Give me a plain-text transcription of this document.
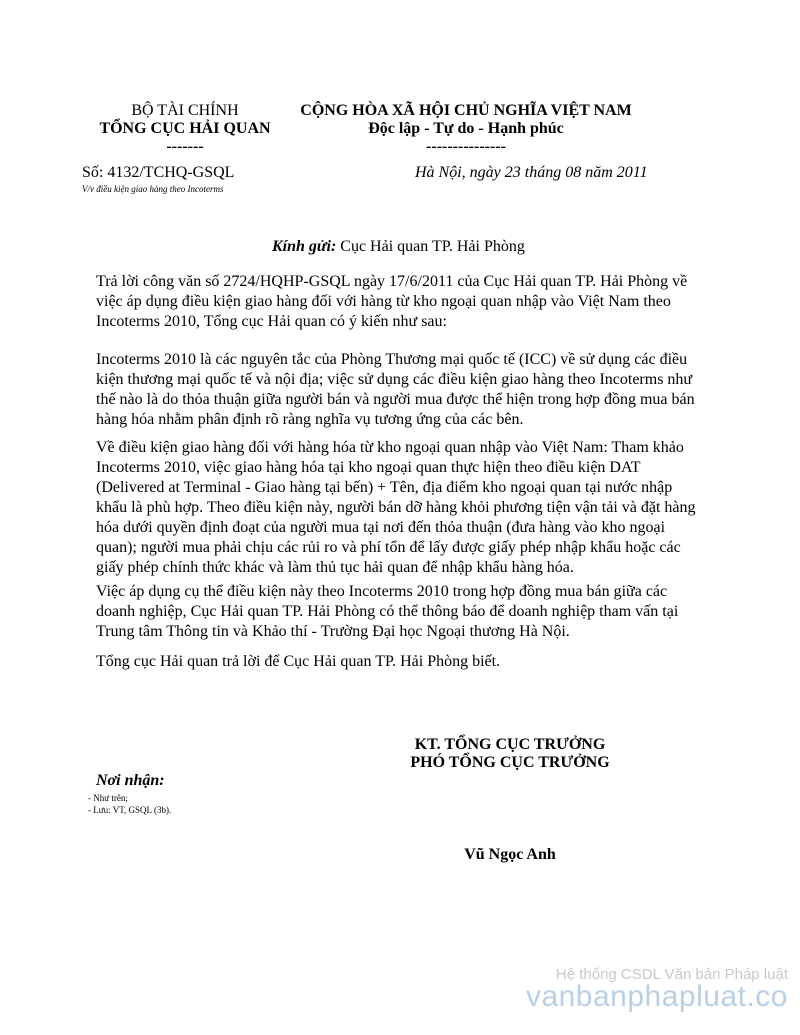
BỘ TÀI CHÍNH
TỔNG CỤC HẢI QUAN
-------
Số: 4132/TCHQ-GSQL
V/v điều kiện giao hàng theo Incoterms
CỘNG HÒA XÃ HỘI CHỦ NGHĨA VIỆT NAM
Độc lập - Tự do - Hạnh phúc
---------------
Hà Nội, ngày 23 tháng 08 năm 2011
Kính gửi: Cục Hải quan TP. Hải Phòng

Trả lời công văn số 2724/HQHP-GSQL ngày 17/6/2011 của Cục Hải quan TP. Hải Phòng về việc áp dụng điều kiện giao hàng đối với hàng từ kho ngoại quan nhập vào Việt Nam theo Incoterms 2010, Tổng cục Hải quan có ý kiến như sau:

Incoterms 2010 là các nguyên tắc của Phòng Thương mại quốc tế (ICC) về sử dụng các điều kiện thương mại quốc tế và nội địa; việc sử dụng các điều kiện giao hàng theo Incoterms như thế nào là do thỏa thuận giữa người bán và người mua được thể hiện trong hợp đồng mua bán hàng hóa nhằm phân định rõ ràng nghĩa vụ tương ứng của các bên.

Về điều kiện giao hàng đối với hàng hóa từ kho ngoại quan nhập vào Việt Nam: Tham khảo Incoterms 2010, việc giao hàng hóa tại kho ngoại quan thực hiện theo điều kiện DAT (Delivered at Terminal - Giao hàng tại bến) + Tên, địa điểm kho ngoại quan tại nước nhập khẩu là phù hợp. Theo điều kiện này, người bán dỡ hàng khỏi phương tiện vận tải và đặt hàng hóa dưới quyền định đoạt của người mua tại nơi đến thỏa thuận (đưa hàng vào kho ngoại quan); người mua phải chịu các rủi ro và phí tổn để lấy được giấy phép nhập khẩu hoặc các giấy phép chính thức khác và làm thủ tục hải quan để nhập khẩu hàng hóa.

Việc áp dụng cụ thể điều kiện này theo Incoterms 2010 trong hợp đồng mua bán giữa các doanh nghiệp, Cục Hải quan TP. Hải Phòng có thể thông báo để doanh nghiệp tham vấn tại Trung tâm Thông tin và Khảo thí - Trường Đại học Ngoại thương Hà Nội.

Tổng cục Hải quan trả lời để Cục Hải quan TP. Hải Phòng biết.

KT. TỔNG CỤC TRƯỞNG
PHÓ TỔNG CỤC TRƯỞNG
Vũ Ngọc Anh
Nơi nhận:
- Như trên;
- Lưu: VT, GSQL (3b).
Hệ thống CSDL Văn bản Pháp luật
vanbanphapluat.co
